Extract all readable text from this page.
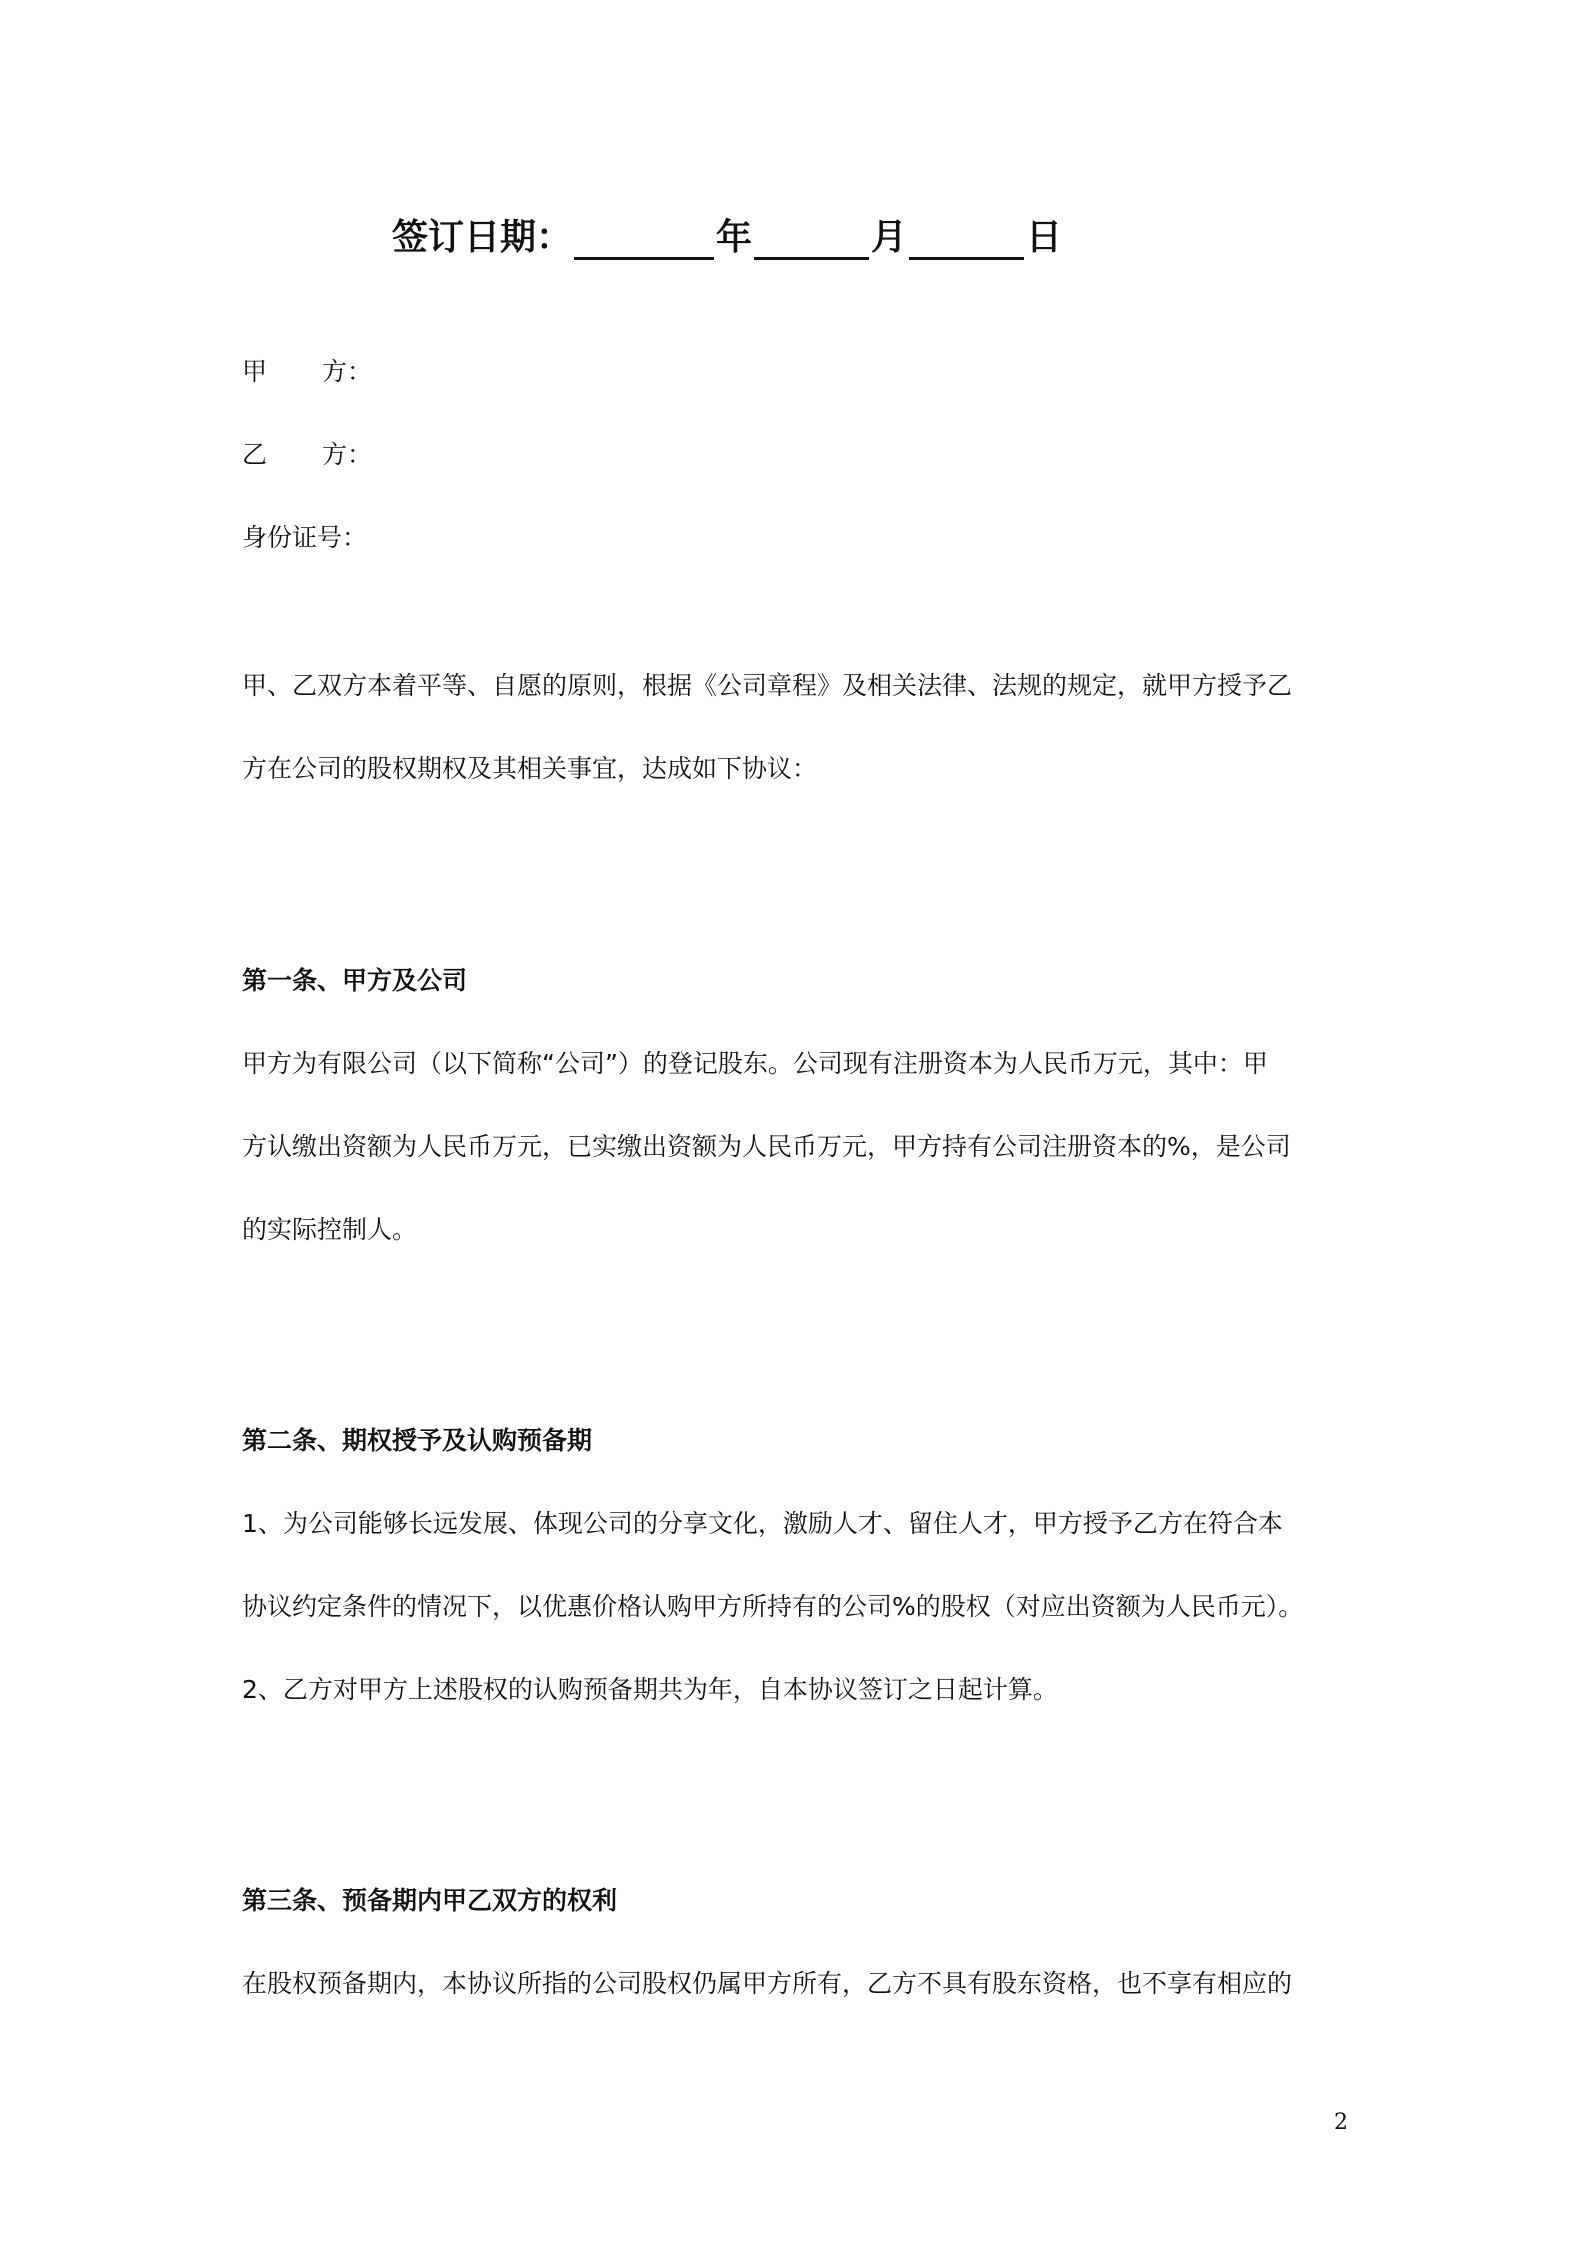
签订日期：	年	月	日
甲 方：
乙 方：
身份证号：
甲、乙双方本着平等、自愿的原则，根据《公司章程》及相关法律、法规的规定，就甲方授予乙
方在公司的股权期权及其相关事宜，达成如下协议：
第一条、甲方及公司
甲方为有限公司（以下简称“公司”）的登记股东。公司现有注册资本为人民币万元，其中：甲
方认缴出资额为人民币万元，已实缴出资额为人民币万元，甲方持有公司注册资本的%，是公司
的实际控制人。
第二条、期权授予及认购预备期
1、为公司能够长远发展、体现公司的分享文化，激励人才、留住人才，甲方授予乙方在符合本
协议约定条件的情况下，以优惠价格认购甲方所持有的公司%的股权（对应出资额为人民币元）。
2、乙方对甲方上述股权的认购预备期共为年，自本协议签订之日起计算。
第三条、预备期内甲乙双方的权利
在股权预备期内，本协议所指的公司股权仍属甲方所有，乙方不具有股东资格，也不享有相应的
2
